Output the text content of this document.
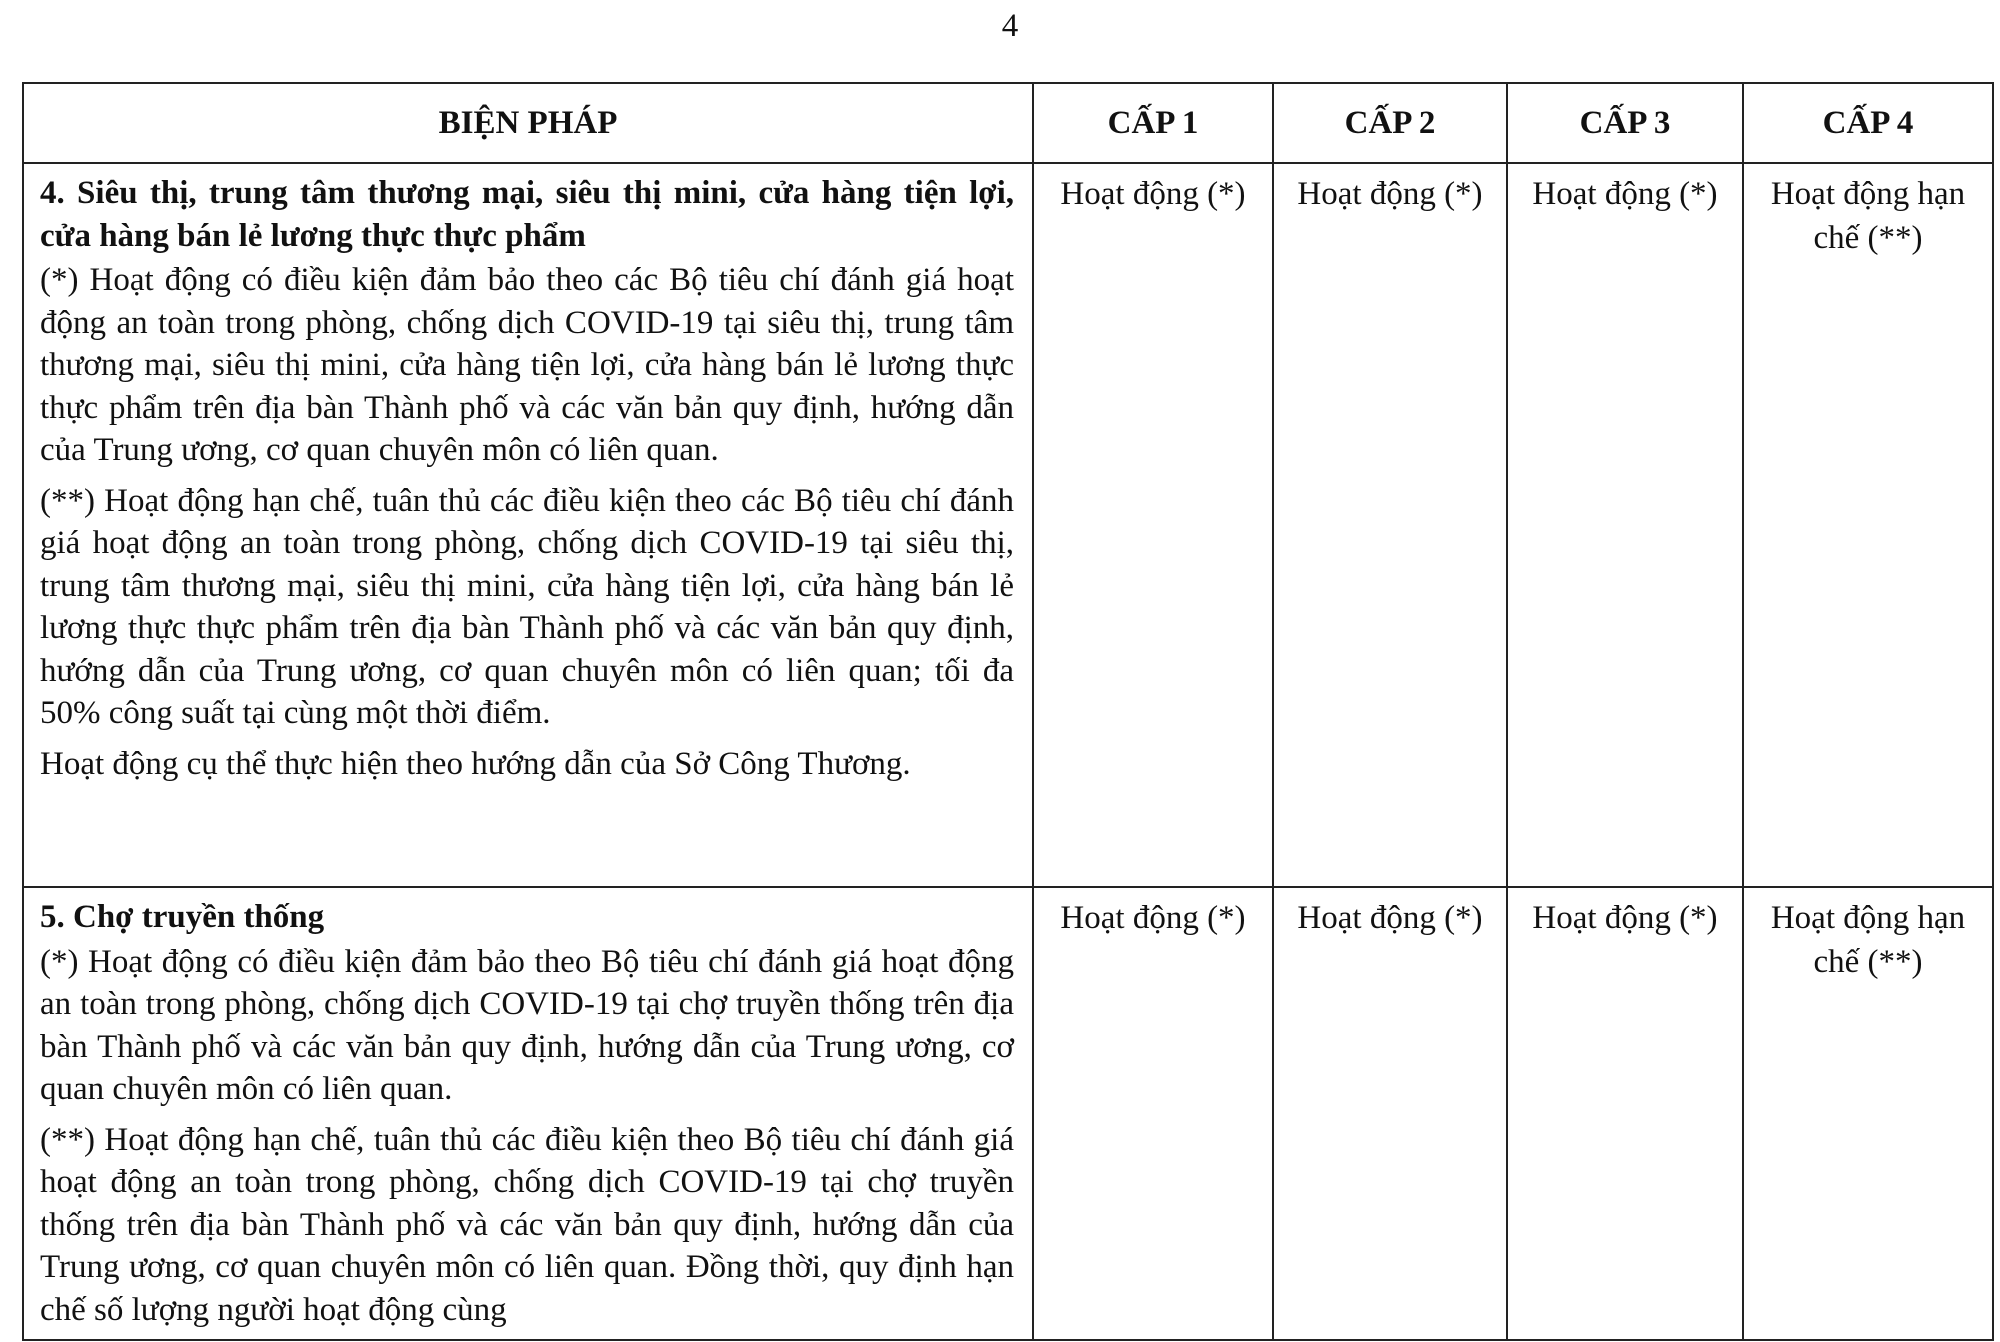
4
BIỆN PHÁP	CẤP 1	CẤP 2	CẤP 3	CẤP 4

4. Siêu thị, trung tâm thương mại, siêu thị mini, cửa hàng tiện lợi, cửa hàng bán lẻ lương thực thực phẩm

(*) Hoạt động có điều kiện đảm bảo theo các Bộ tiêu chí đánh giá hoạt động an toàn trong phòng, chống dịch COVID-19 tại siêu thị, trung tâm thương mại, siêu thị mini, cửa hàng tiện lợi, cửa hàng bán lẻ lương thực thực phẩm trên địa bàn Thành phố và các văn bản quy định, hướng dẫn của Trung ương, cơ quan chuyên môn có liên quan.

(**) Hoạt động hạn chế, tuân thủ các điều kiện theo các Bộ tiêu chí đánh giá hoạt động an toàn trong phòng, chống dịch COVID-19 tại siêu thị, trung tâm thương mại, siêu thị mini, cửa hàng tiện lợi, cửa hàng bán lẻ lương thực thực phẩm trên địa bàn Thành phố và các văn bản quy định, hướng dẫn của Trung ương, cơ quan chuyên môn có liên quan; tối đa 50% công suất tại cùng một thời điểm.

Hoạt động cụ thể thực hiện theo hướng dẫn của Sở Công Thương.	Hoạt động (*)	Hoạt động (*)	Hoạt động (*)	Hoạt động hạn chế (**)

5. Chợ truyền thống

(*) Hoạt động có điều kiện đảm bảo theo Bộ tiêu chí đánh giá hoạt động an toàn trong phòng, chống dịch COVID-19 tại chợ truyền thống trên địa bàn Thành phố và các văn bản quy định, hướng dẫn của Trung ương, cơ quan chuyên môn có liên quan.

(**) Hoạt động hạn chế, tuân thủ các điều kiện theo Bộ tiêu chí đánh giá hoạt động an toàn trong phòng, chống dịch COVID-19 tại chợ truyền thống trên địa bàn Thành phố và các văn bản quy định, hướng dẫn của Trung ương, cơ quan chuyên môn có liên quan. Đồng thời, quy định hạn chế số lượng người hoạt động cùng	Hoạt động (*)	Hoạt động (*)	Hoạt động (*)	Hoạt động hạn chế (**)
